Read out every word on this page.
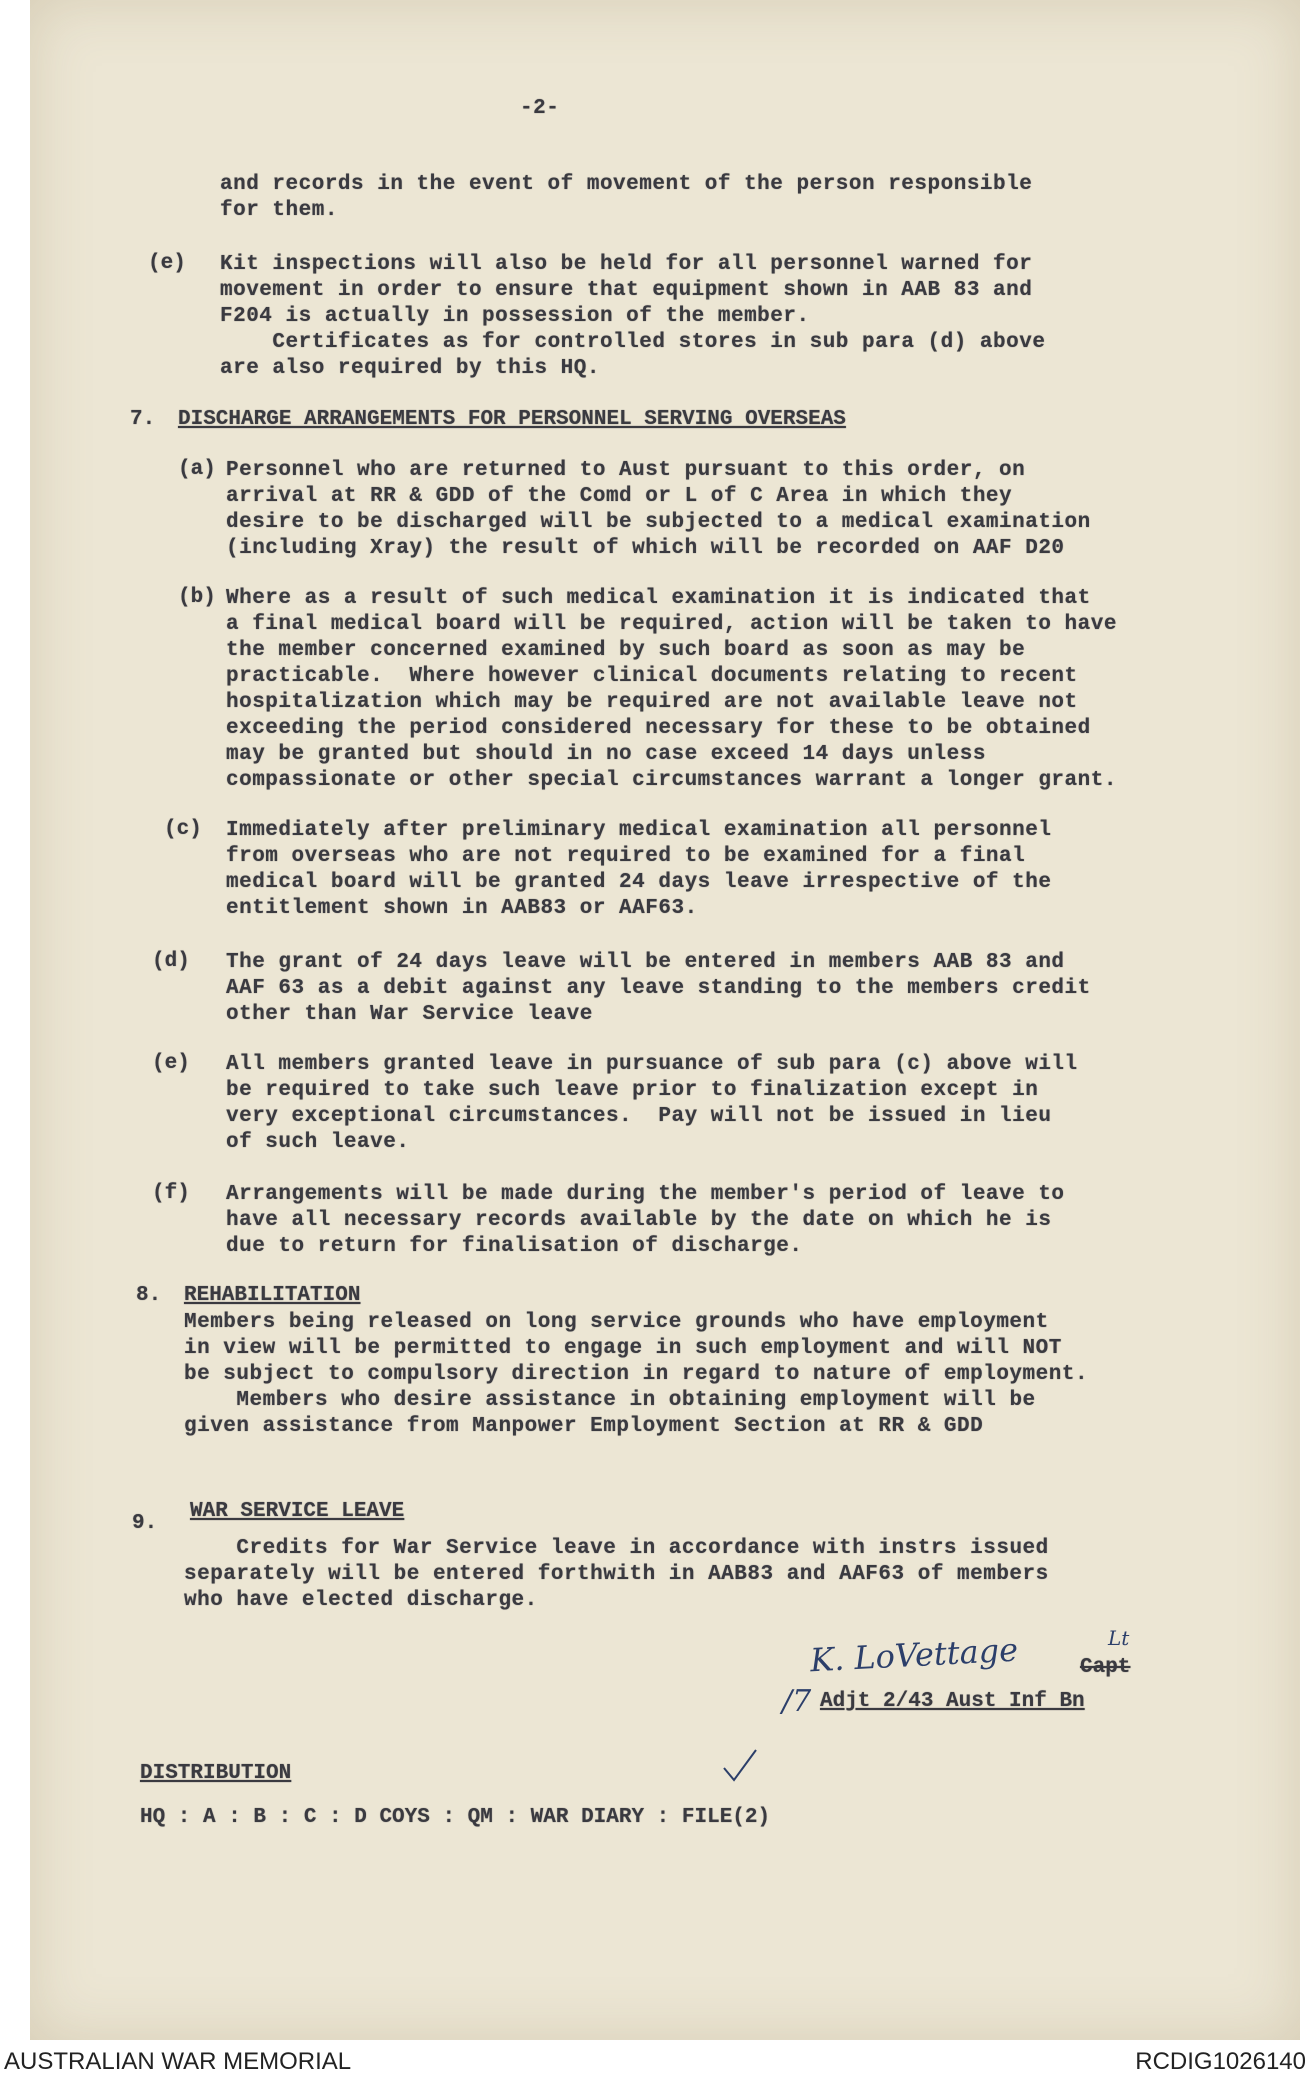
-2-
and records in the event of movement of the person responsible
for them.
(e) Kit inspections will also be held for all personnel warned for
movement in order to ensure that equipment shown in AAB 83 and
F204 is actually in possession of the member.
Certificates as for controlled stores in sub para (d) above
are also required by this HQ.
7. DISCHARGE ARRANGEMENTS FOR PERSONNEL SERVING OVERSEAS
(a) Personnel who are returned to Aust pursuant to this order, on
arrival at RR & GDD of the Comd or L of C Area in which they
desire to be discharged will be subjected to a medical examination
(including Xray) the result of which will be recorded on AAF D20
(b) Where as a result of such medical examination it is indicated that
a final medical board will be required, action will be taken to have
the member concerned examined by such board as soon as may be
practicable.  Where however clinical documents relating to recent
hospitalization which may be required are not available leave not
exceeding the period considered necessary for these to be obtained
may be granted but should in no case exceed 14 days unless
compassionate or other special circumstances warrant a longer grant.
(c) Immediately after preliminary medical examination all personnel
from overseas who are not required to be examined for a final
medical board will be granted 24 days leave irrespective of the
entitlement shown in AAB83 or AAF63.
(d) The grant of 24 days leave will be entered in members AAB 83 and
AAF 63 as a debit against any leave standing to the members credit
other than War Service leave
(e) All members granted leave in pursuance of sub para (c) above will
be required to take such leave prior to finalization except in
very exceptional circumstances.  Pay will not be issued in lieu
of such leave.
(f) Arrangements will be made during the member's period of leave to
have all necessary records available by the date on which he is
due to return for finalisation of discharge.
8. REHABILITATION
Members being released on long service grounds who have employment
in view will be permitted to engage in such employment and will NOT
be subject to compulsory direction in regard to nature of employment.
Members who desire assistance in obtaining employment will be
given assistance from Manpower Employment Section at RR & GDD
9.
WAR SERVICE LEAVE
Credits for War Service leave in accordance with instrs issued
separately will be entered forthwith in AAB83 and AAF63 of members
who have elected discharge.
K. LoVettage	Capt
Lt
/7 Adjt 2/43 Aust Inf Bn
DISTRIBUTION
HQ : A : B : C : D COYS : QM : WAR DIARY : FILE(2)
AUSTRALIAN WAR MEMORIAL	RCDIG1026140
